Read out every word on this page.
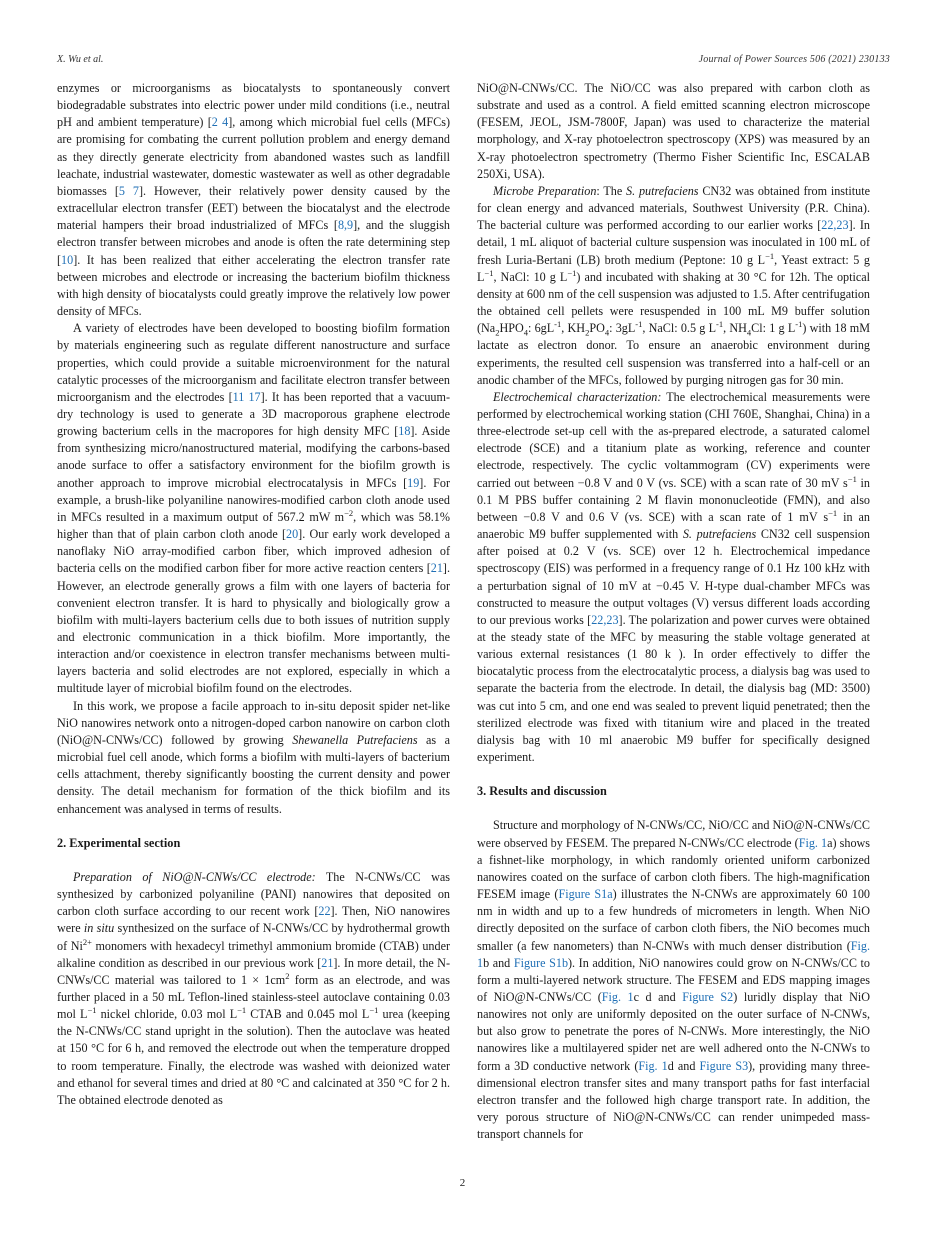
X. Wu et al.	Journal of Power Sources 506 (2021) 230133

enzymes or microorganisms as biocatalysts to spontaneously convert biodegradable substrates into electric power under mild conditions (i.e., neutral pH and ambient temperature) [2 4], among which microbial fuel cells (MFCs) are promising for combating the current pollution problem and energy demand as they directly generate electricity from abandoned wastes such as landfill leachate, industrial wastewater, domestic wastewater as well as other degradable biomasses [5 7]. However, their relatively power density caused by the extracellular electron transfer (EET) between the biocatalyst and the electrode material hampers their broad industrialized of MFCs [8,9], and the sluggish electron transfer between microbes and anode is often the rate determining step [10]. It has been realized that either accelerating the electron transfer rate between microbes and electrode or increasing the bacterium biofilm thickness with high density of biocatalysts could greatly improve the relatively low power density of MFCs.

A variety of electrodes have been developed to boosting biofilm formation by materials engineering such as regulate different nanostructure and surface properties, which could provide a suitable microenvironment for the natural catalytic processes of the microorganism and facilitate electron transfer between microorganism and the electrodes [11 17]. It has been reported that a vacuum-dry technology is used to generate a 3D macroporous graphene electrode growing bacterium cells in the macropores for high density MFC [18]. Aside from synthesizing micro/nanostructured material, modifying the carbons-based anode surface to offer a satisfactory environment for the biofilm growth is another approach to improve microbial electrocatalysis in MFCs [19]. For example, a brush-like polyaniline nanowires-modified carbon cloth anode used in MFCs resulted in a maximum output of 567.2 mW $m^{-2}$, which was 58.1% higher than that of plain carbon cloth anode [20]. Our early work developed a nanoflaky NiO array-modified carbon fiber, which improved adhesion of bacteria cells on the modified carbon fiber for more active reaction centers [21]. However, an electrode generally grows a film with one layers of bacteria for convenient electron transfer. It is hard to physically and biologically grow a biofilm with multi-layers bacterium cells due to both issues of nutrition supply and electronic communication in a thick biofilm. More importantly, the interaction and/or coexistence in electron transfer mechanisms between multi-layers bacteria and solid electrodes are not explored, especially in which a multitude layer of microbial biofilm found on the electrodes.

In this work, we propose a facile approach to in-situ deposit spider net-like NiO nanowires network onto a nitrogen-doped carbon nanowire on carbon cloth (NiO@N-CNWs/CC) followed by growing Shewanella Putrefaciens as a microbial fuel cell anode, which forms a biofilm with multi-layers of bacterium cells attachment, thereby significantly boosting the current density and power density. The detail mechanism for formation of the thick biofilm and its enhancement was analysed in terms of results.

2. Experimental section

Preparation of NiO@N-CNWs/CC electrode: The N-CNWs/CC was synthesized by carbonized polyaniline (PANI) nanowires that deposited on carbon cloth surface according to our recent work [22]. Then, NiO nanowires were in situ synthesized on the surface of N-CNWs/CC by hydrothermal growth of $Ni^{2+}$ monomers with hexadecyl trimethyl ammonium bromide (CTAB) under alkaline condition as described in our previous work [21]. In more detail, the N-CNWs/CC material was tailored to $1 \times 1cm^2$ form as an electrode, and was further placed in a 50 mL Teflon-lined stainless-steel autoclave containing 0.03 mol $L^{-1}$ nickel chloride, 0.03 mol $L^{-1}$ CTAB and 0.045 mol $L^{-1}$ urea (keeping the N-CNWs/CC stand upright in the solution). Then the autoclave was heated at 150 °C for 6 h, and removed the electrode out when the temperature dropped to room temperature. Finally, the electrode was washed with deionized water and ethanol for several times and dried at 80 °C and calcinated at 350 °C for 2 h. The obtained electrode denoted as

NiO@N-CNWs/CC. The NiO/CC was also prepared with carbon cloth as substrate and used as a control. A field emitted scanning electron microscope (FESEM, JEOL, JSM-7800F, Japan) was used to characterize the material morphology, and X-ray photoelectron spectroscopy (XPS) was measured by an X-ray photoelectron spectrometry (Thermo Fisher Scientific Inc, ESCALAB 250Xi, USA).

Microbe Preparation: The S. putrefaciens CN32 was obtained from institute for clean energy and advanced materials, Southwest University (P.R. China). The bacterial culture was performed according to our earlier works [22,23]. In detail, 1 mL aliquot of bacterial culture suspension was inoculated in 100 mL of fresh Luria-Bertani (LB) broth medium (Peptone: 10 g $L^{-1}$, Yeast extract: 5 g $L^{-1}$, NaCl: 10 g $L^{-1}$) and incubated with shaking at 30 °C for 12h. The optical density at 600 nm of the cell suspension was adjusted to 1.5. After centrifugation the obtained cell pellets were resuspended in 100 mL M9 buffer solution ($Na_2HPO_4$: $6gL^{-1}$, $KH_2PO_4$: $3gL^{-1}$, NaCl: 0.5 g $L^{-1}$, $NH_4Cl$: 1 g $L^{-1}$) with 18 mM lactate as electron donor. To ensure an anaerobic environment during experiments, the resulted cell suspension was transferred into a half-cell or an anodic chamber of the MFCs, followed by purging nitrogen gas for 30 min.

Electrochemical characterization: The electrochemical measurements were performed by electrochemical working station (CHI 760E, Shanghai, China) in a three-electrode set-up cell with the as-prepared electrode, a saturated calomel electrode (SCE) and a titanium plate as working, reference and counter electrode, respectively. The cyclic voltammogram (CV) experiments were carried out between −0.8 V and 0 V (vs. SCE) with a scan rate of 30 mV $s^{-1}$ in 0.1 M PBS buffer containing 2 M flavin mononucleotide (FMN), and also between −0.8 V and 0.6 V (vs. SCE) with a scan rate of 1 mV $s^{-1}$ in an anaerobic M9 buffer supplemented with S. putrefaciens CN32 cell suspension after poised at 0.2 V (vs. SCE) over 12 h. Electrochemical impedance spectroscopy (EIS) was performed in a frequency range of 0.1 Hz 100 kHz with a perturbation signal of 10 mV at −0.45 V. H-type dual-chamber MFCs was constructed to measure the output voltages (V) versus different loads according to our previous works [22,23]. The polarization and power curves were obtained at the steady state of the MFC by measuring the stable voltage generated at various external resistances (1 80 k ). In order effectively to differ the biocatalytic process from the electrocatalytic process, a dialysis bag was used to separate the bacteria from the electrode. In detail, the dialysis bag (MD: 3500) was cut into 5 cm, and one end was sealed to prevent liquid penetrated; then the sterilized electrode was fixed with titanium wire and placed in the treated dialysis bag with 10 ml anaerobic M9 buffer for specifically designed experiment.

3. Results and discussion

Structure and morphology of N-CNWs/CC, NiO/CC and NiO@N-CNWs/CC were observed by FESEM. The prepared N-CNWs/CC electrode (Fig. 1a) shows a fishnet-like morphology, in which randomly oriented uniform carbonized nanowires coated on the surface of carbon cloth fibers. The high-magnification FESEM image (Figure S1a) illustrates the N-CNWs are approximately 60 100 nm in width and up to a few hundreds of micrometers in length. When NiO directly deposited on the surface of carbon cloth fibers, the NiO becomes much smaller (a few nanometers) than N-CNWs with much denser distribution (Fig. 1b and Figure S1b). In addition, NiO nanowires could grow on N-CNWs/CC to form a multi-layered network structure. The FESEM and EDS mapping images of NiO@N-CNWs/CC (Fig. 1c d and Figure S2) luridly display that NiO nanowires not only are uniformly deposited on the outer surface of N-CNWs, but also grow to penetrate the pores of N-CNWs. More interestingly, the NiO nanowires like a multilayered spider net are well adhered onto the N-CNWs to form a 3D conductive network (Fig. 1d and Figure S3), providing many three-dimensional electron transfer sites and many transport paths for fast interfacial electron transfer and the followed high charge transport rate. In addition, the very porous structure of NiO@N-CNWs/CC can render unimpeded mass-transport channels for

2
